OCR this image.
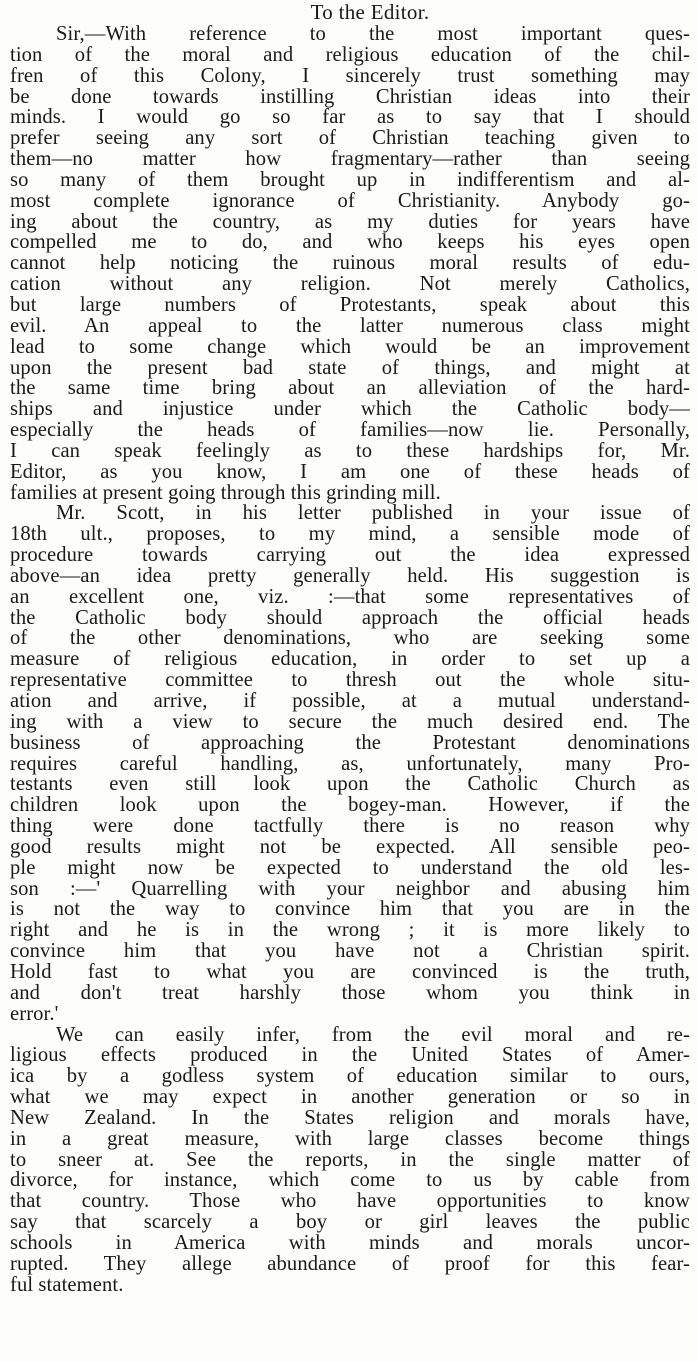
To the Editor.
Sir,—With reference to the most important ques-
tion of the moral and religious education of the chil-
fren of this Colony, I sincerely trust something may
be done towards instilling Christian ideas into their
minds. I would go so far as to say that I should
prefer seeing any sort of Christian teaching given to
them—no matter how fragmentary—rather than seeing
so many of them brought up in indifferentism and al-
most complete ignorance of Christianity. Anybody go-
ing about the country, as my duties for years have
compelled me to do, and who keeps his eyes open
cannot help noticing the ruinous moral results of edu-
cation without any religion. Not merely Catholics,
but large numbers of Protestants, speak about this
evil. An appeal to the latter numerous class might
lead to some change which would be an improvement
upon the present bad state of things, and might at
the same time bring about an alleviation of the hard-
ships and injustice under which the Catholic body—
especially the heads of families—now lie. Personally,
I can speak feelingly as to these hardships for, Mr.
Editor, as you know, I am one of these heads of
families at present going through this grinding mill.
Mr. Scott, in his letter published in your issue of
18th ult., proposes, to my mind, a sensible mode of
procedure towards carrying out the idea expressed
above—an idea pretty generally held. His suggestion is
an excellent one, viz. :—that some representatives of
the Catholic body should approach the official heads
of the other denominations, who are seeking some
measure of religious education, in order to set up a
representative committee to thresh out the whole situ-
ation and arrive, if possible, at a mutual understand-
ing with a view to secure the much desired end. The
business of approaching the Protestant denominations
requires careful handling, as, unfortunately, many Pro-
testants even still look upon the Catholic Church as
children look upon the bogey-man. However, if the
thing were done tactfully there is no reason why
good results might not be expected. All sensible peo-
ple might now be expected to understand the old les-
son :—' Quarrelling with your neighbor and abusing him
is not the way to convince him that you are in the
right and he is in the wrong ; it is more likely to
convince him that you have not a Christian spirit.
Hold fast to what you are convinced is the truth,
and don't treat harshly those whom you think in
error.'
We can easily infer, from the evil moral and re-
ligious effects produced in the United States of Amer-
ica by a godless system of education similar to ours,
what we may expect in another generation or so in
New Zealand. In the States religion and morals have,
in a great measure, with large classes become things
to sneer at. See the reports, in the single matter of
divorce, for instance, which come to us by cable from
that country. Those who have opportunities to know
say that scarcely a boy or girl leaves the public
schools in America with minds and morals uncor-
rupted. They allege abundance of proof for this fear-
ful statement.
